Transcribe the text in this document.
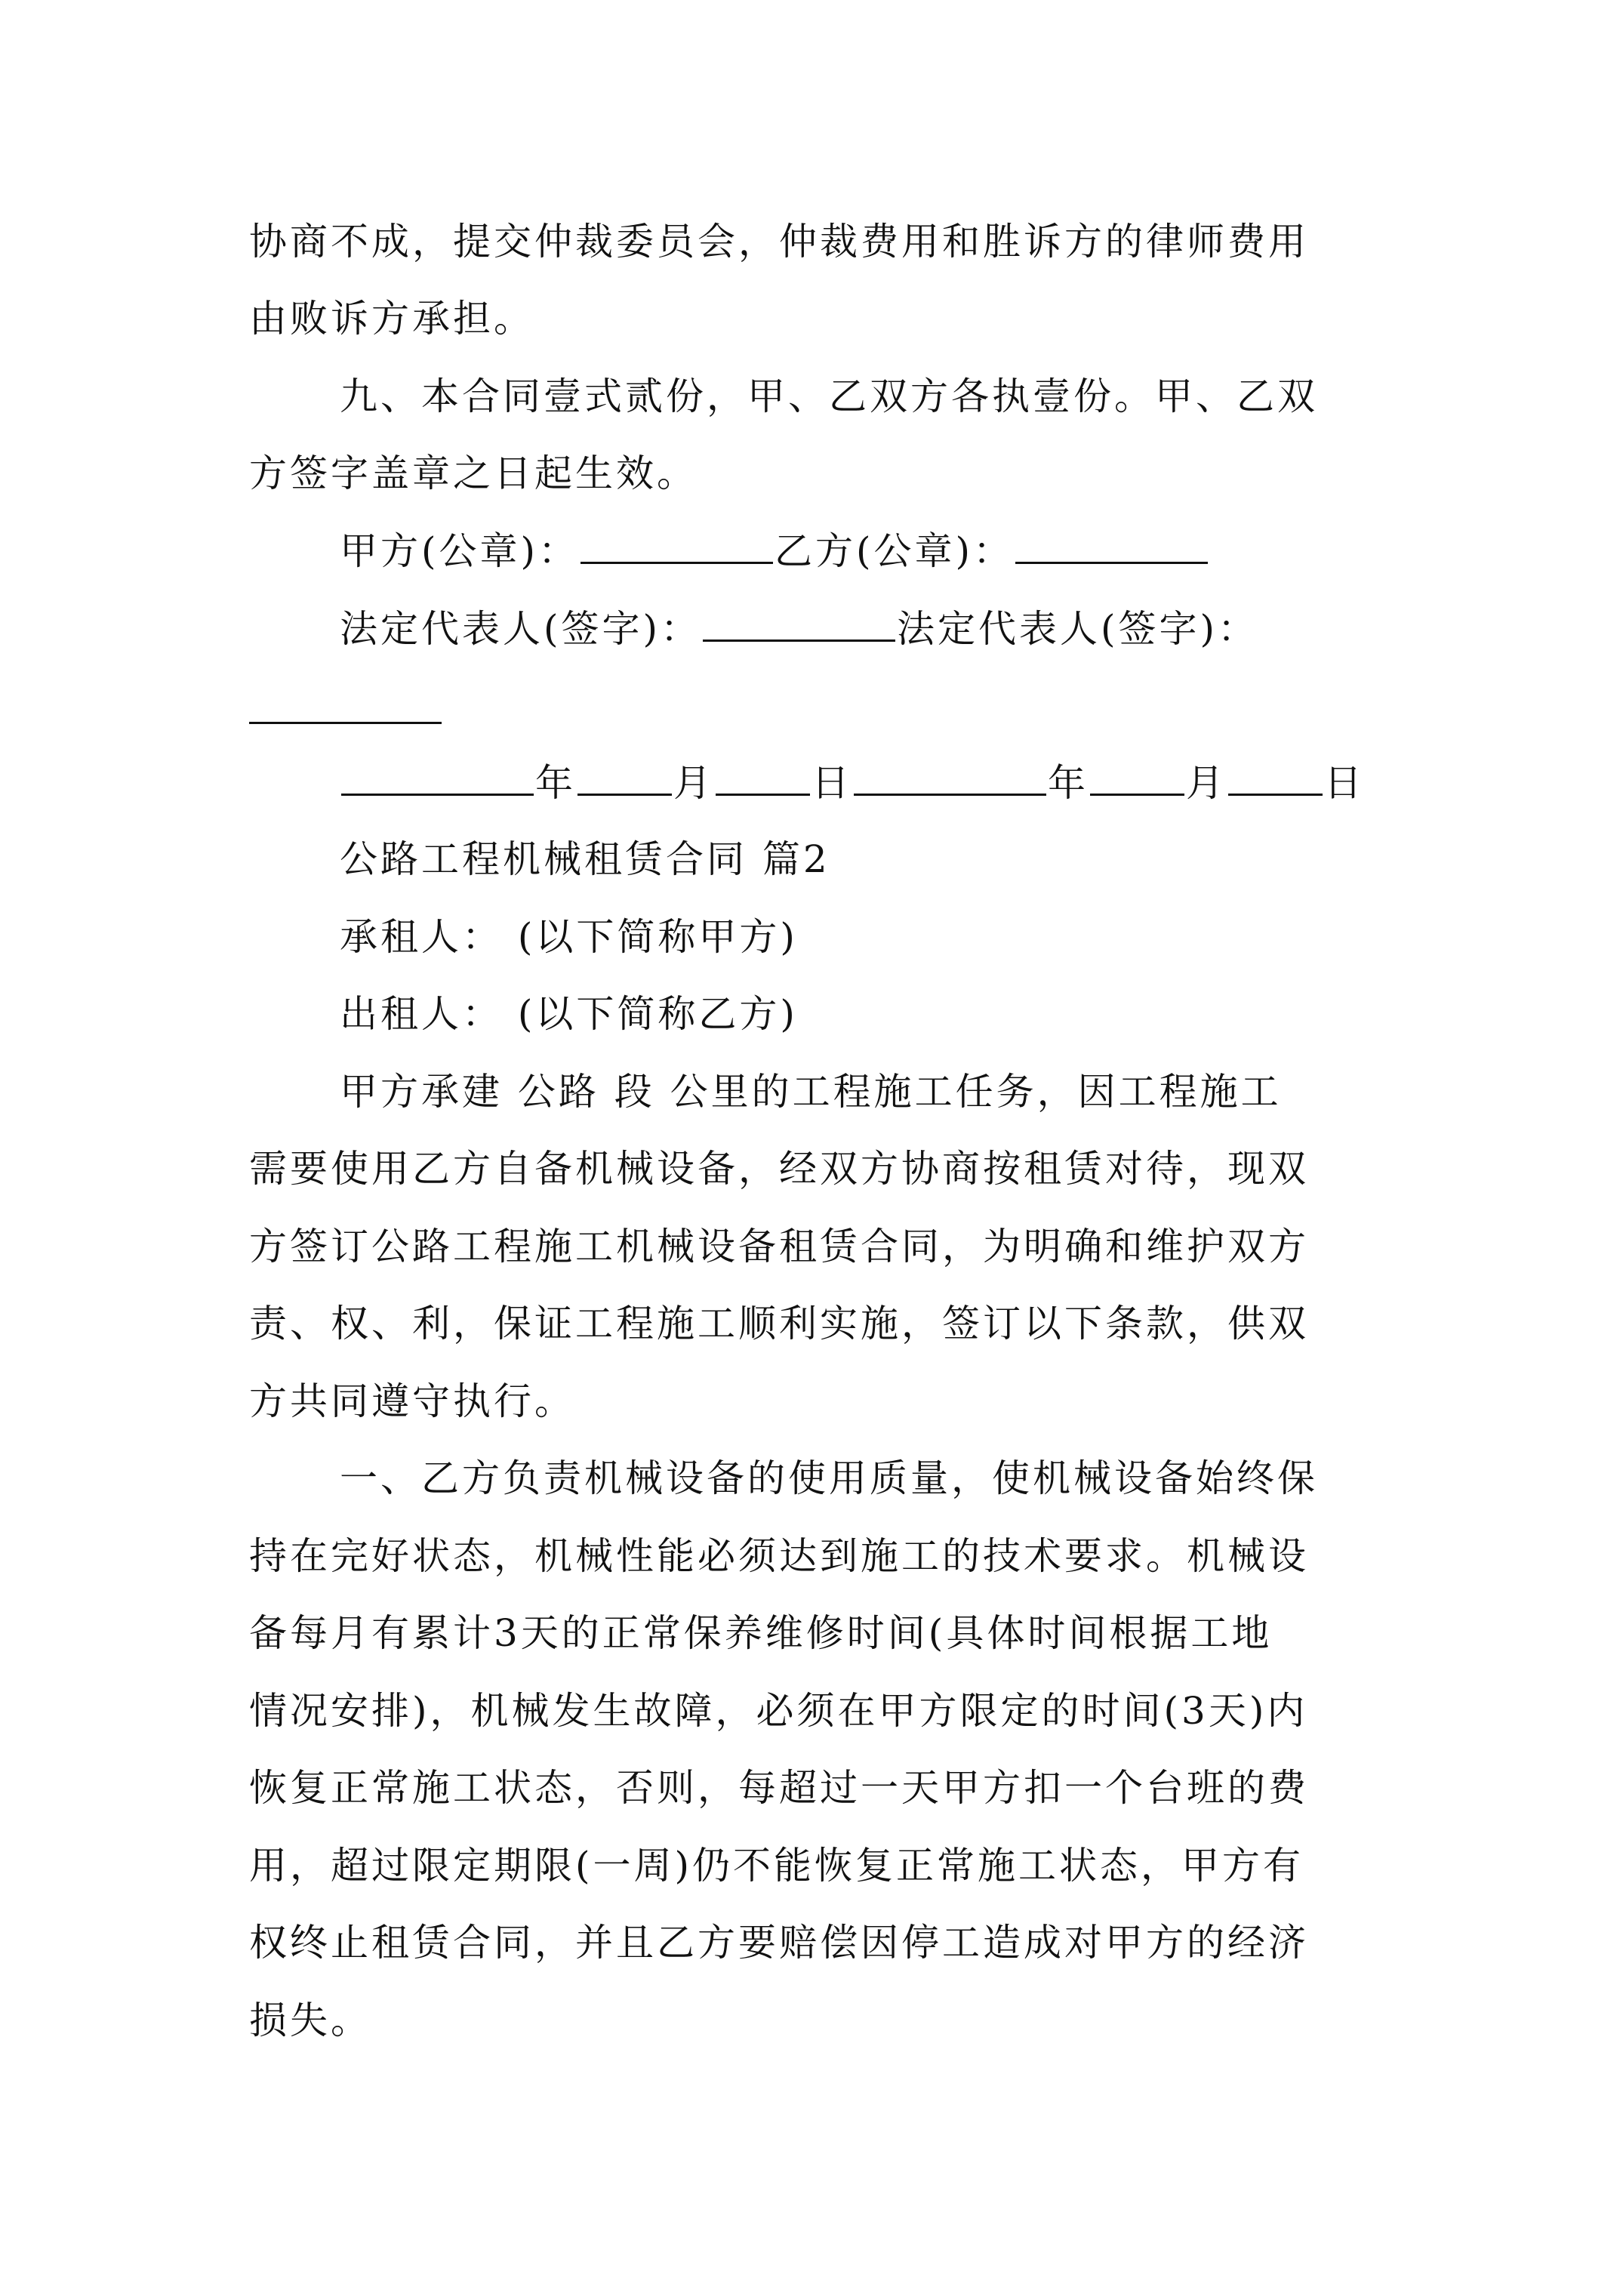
协商不成，提交仲裁委员会，仲裁费用和胜诉方的律师费用
由败诉方承担。
九、本合同壹式贰份，甲、乙双方各执壹份。甲、乙双
方签字盖章之日起生效。
甲方(公章)：	乙方(公章)：
法定代表人(签字)：	法定代表人(签字)：
年	月	日	年	月	日
公路工程机械租赁合同 篇2
承租人： (以下简称甲方)
出租人： (以下简称乙方)
甲方承建 公路 段 公里的工程施工任务，因工程施工
需要使用乙方自备机械设备，经双方协商按租赁对待，现双
方签订公路工程施工机械设备租赁合同，为明确和维护双方
责、权、利，保证工程施工顺利实施，签订以下条款，供双
方共同遵守执行。
一、乙方负责机械设备的使用质量，使机械设备始终保
持在完好状态，机械性能必须达到施工的技术要求。机械设
备每月有累计3天的正常保养维修时间(具体时间根据工地
情况安排)，机械发生故障，必须在甲方限定的时间(3天)内
恢复正常施工状态，否则，每超过一天甲方扣一个台班的费
用，超过限定期限(一周)仍不能恢复正常施工状态，甲方有
权终止租赁合同，并且乙方要赔偿因停工造成对甲方的经济
损失。
